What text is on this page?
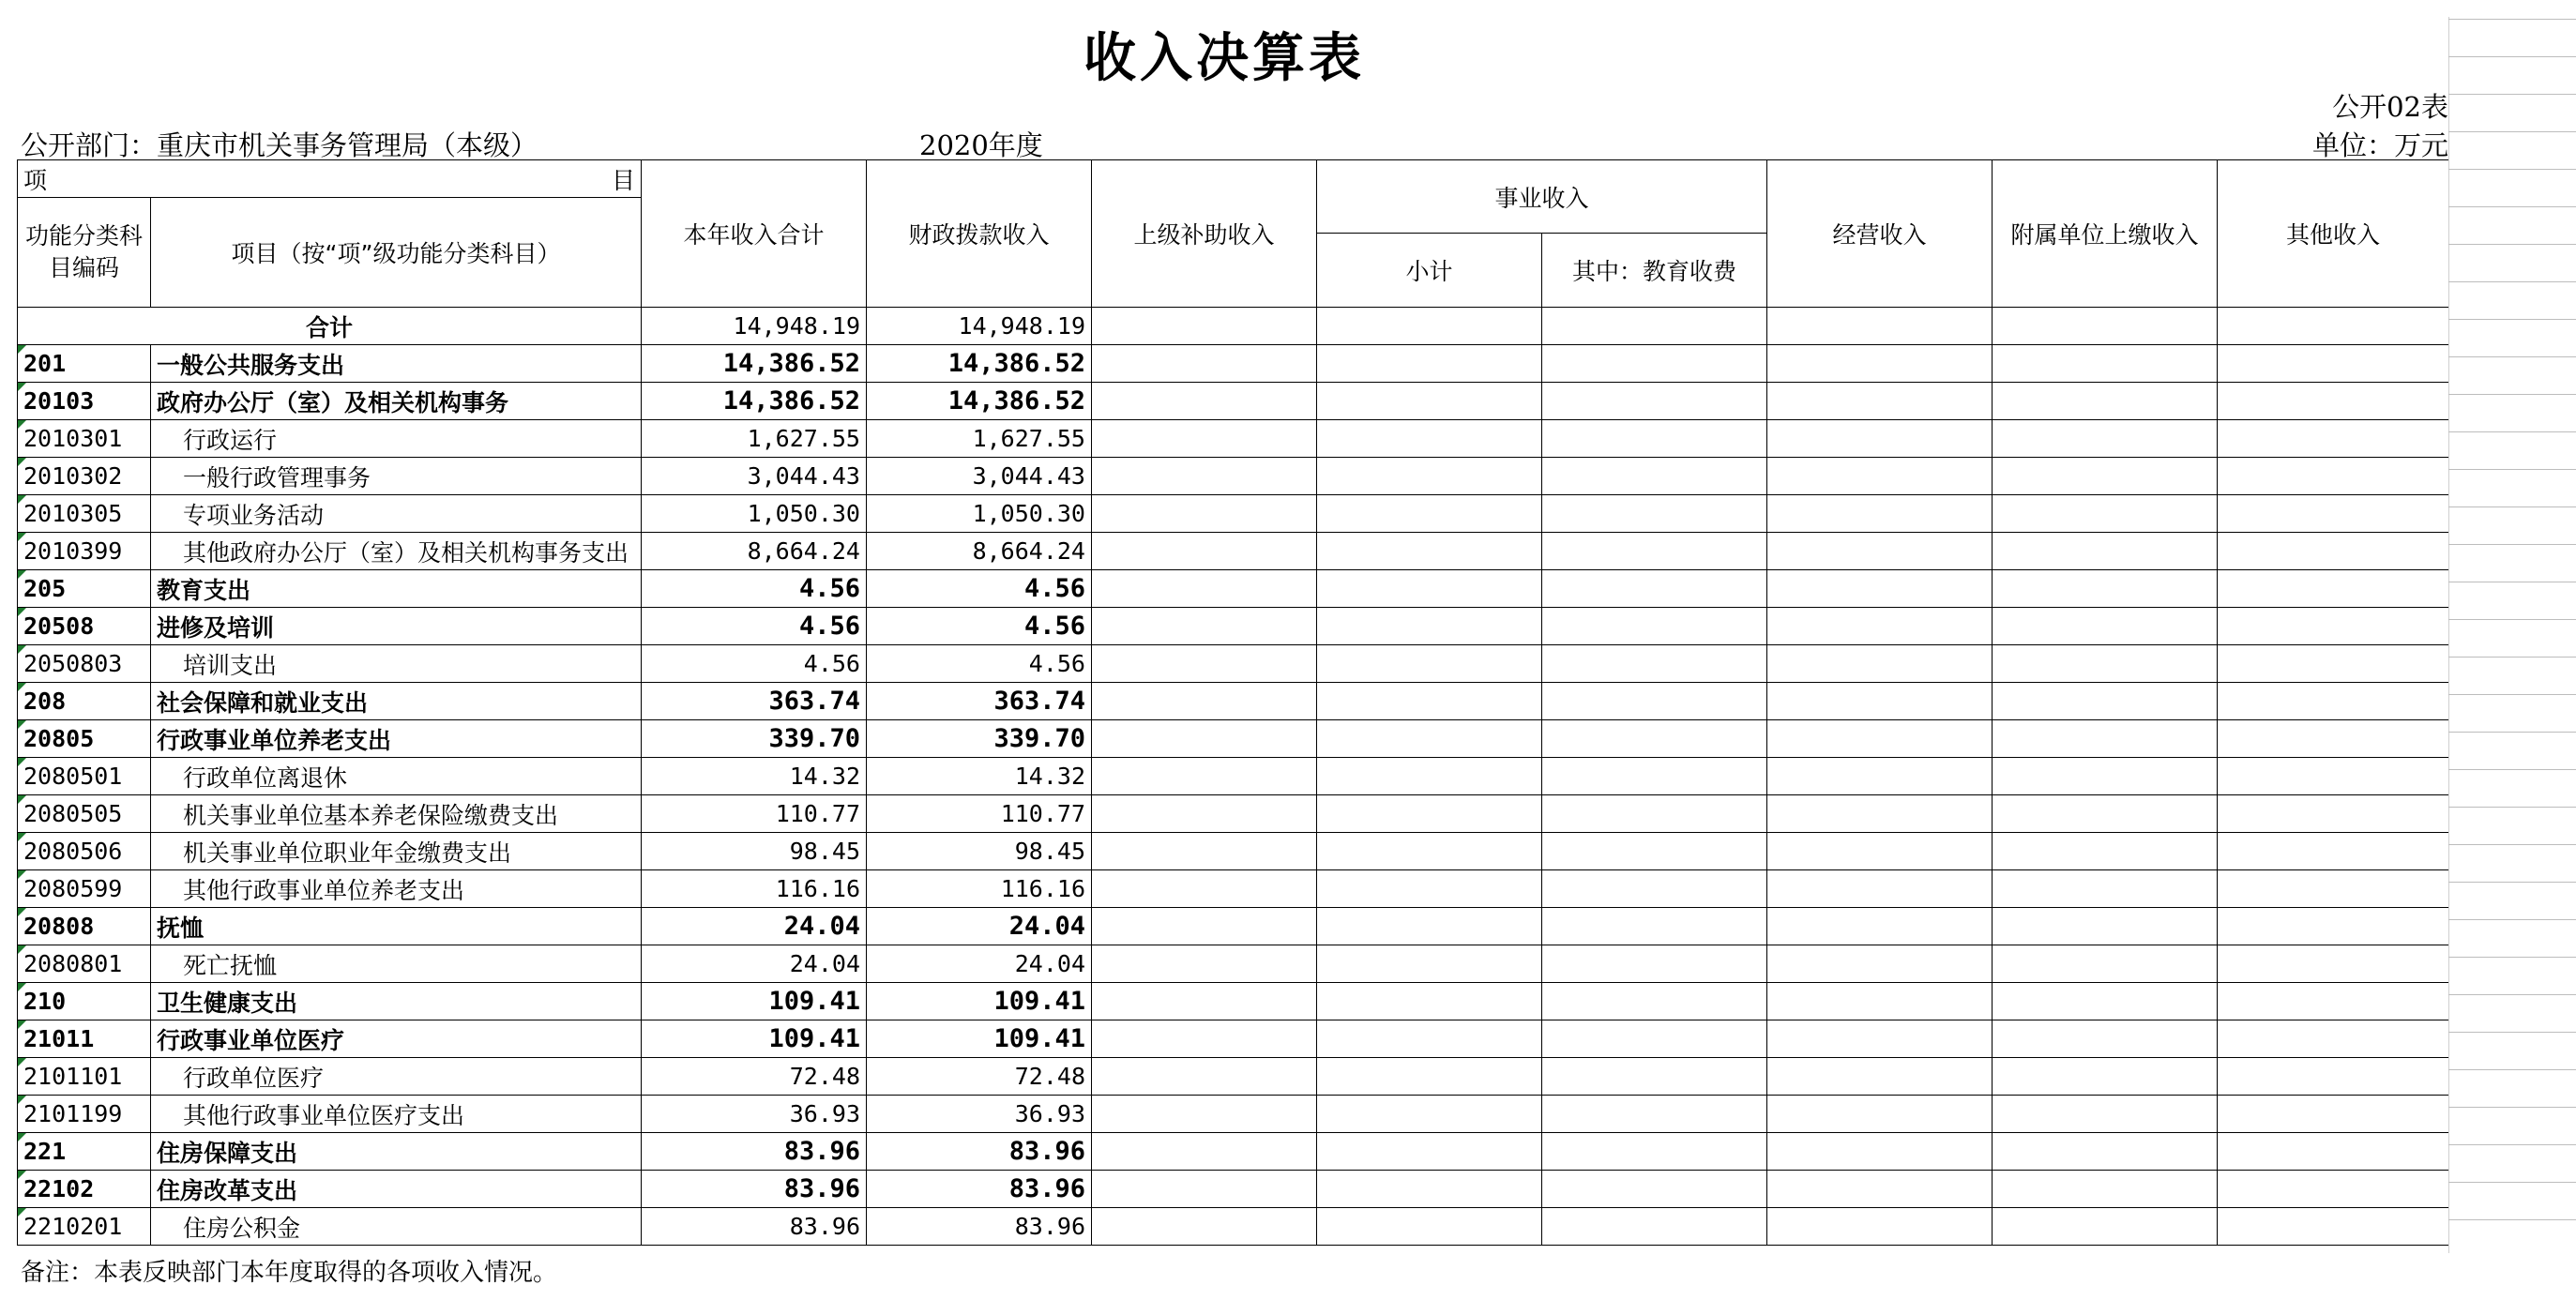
收入决算表
公开02表
公开部门：重庆市机关事务管理局（本级）	2020年度	单位：万元
项 目		本年收入合计	财政拨款收入	上级补助收入	事业收入		经营收入	附属单位上缴收入	其他收入
功能分类科目编码	项目（按“项”级功能分类科目）								
					小计	其中：教育收费			
合计		14,948.19	14,948.19						
201	一般公共服务支出	14,386.52	14,386.52						
20103	政府办公厅（室）及相关机构事务	14,386.52	14,386.52						
2010301	行政运行	1,627.55	1,627.55						
2010302	一般行政管理事务	3,044.43	3,044.43						
2010305	专项业务活动	1,050.30	1,050.30						
2010399	其他政府办公厅（室）及相关机构事务支出	8,664.24	8,664.24						
205	教育支出	4.56	4.56						
20508	进修及培训	4.56	4.56						
2050803	培训支出	4.56	4.56						
208	社会保障和就业支出	363.74	363.74						
20805	行政事业单位养老支出	339.70	339.70						
2080501	行政单位离退休	14.32	14.32						
2080505	机关事业单位基本养老保险缴费支出	110.77	110.77						
2080506	机关事业单位职业年金缴费支出	98.45	98.45						
2080599	其他行政事业单位养老支出	116.16	116.16						
20808	抚恤	24.04	24.04						
2080801	死亡抚恤	24.04	24.04						
210	卫生健康支出	109.41	109.41						
21011	行政事业单位医疗	109.41	109.41						
2101101	行政单位医疗	72.48	72.48						
2101199	其他行政事业单位医疗支出	36.93	36.93						
221	住房保障支出	83.96	83.96						
22102	住房改革支出	83.96	83.96						
2210201	住房公积金	83.96	83.96						
备注：本表反映部门本年度取得的各项收入情况。
